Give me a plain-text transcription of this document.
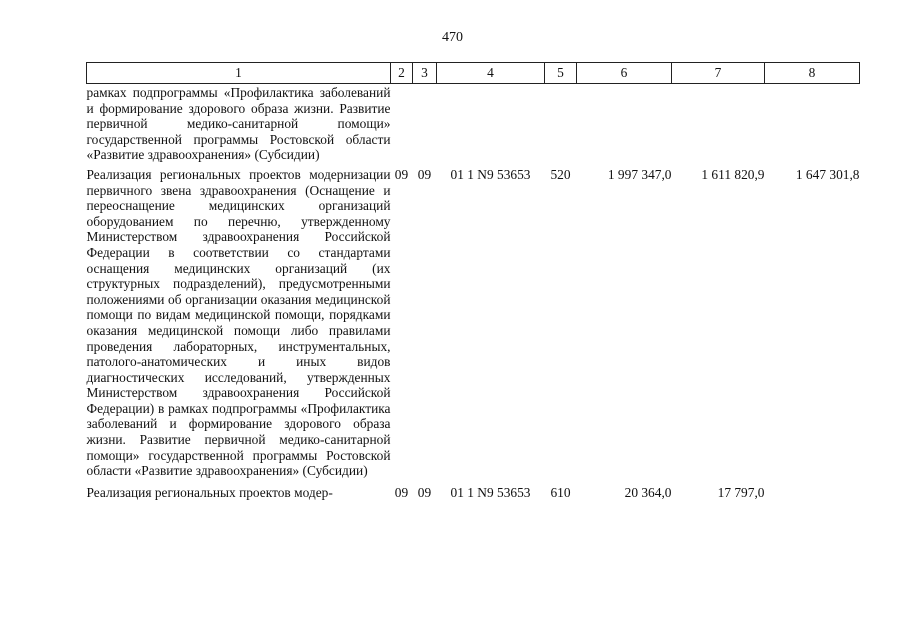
470
1	2	3	4	5	6	7	8
рамках подпрограммы «Профилактика заболеваний и формирование здорового образа жизни. Развитие первичной медико-санитарной помощи» государственной программы Ростовской области «Развитие здравоохранения» (Субсидии)							
Реализация региональных проектов модернизации первичного звена здравоохранения (Оснащение и переоснащение медицинских организаций оборудованием по перечню, утвержденному Министерством здравоохранения Российской Федерации в соответствии со стандартами оснащения медицинских организаций (их структурных подразделений), предусмотренными положениями об организации оказания медицинской помощи по видам медицинской помощи, порядками оказания медицинской помощи либо правилами проведения лабораторных, инструментальных, патолого-анатомических и иных видов диагностических исследований, утвержденных Министерством здравоохранения Российской Федерации) в рамках подпрограммы «Профилактика заболеваний и формирование здорового образа жизни. Развитие первичной медико-санитарной помощи» государственной программы Ростовской области «Развитие здравоохранения» (Субсидии)	09	09	01 1 N9 53653	520	1 997 347,0	1 611 820,9	1 647 301,8
Реализация региональных проектов модер-	09	09	01 1 N9 53653	610	20 364,0	17 797,0	
